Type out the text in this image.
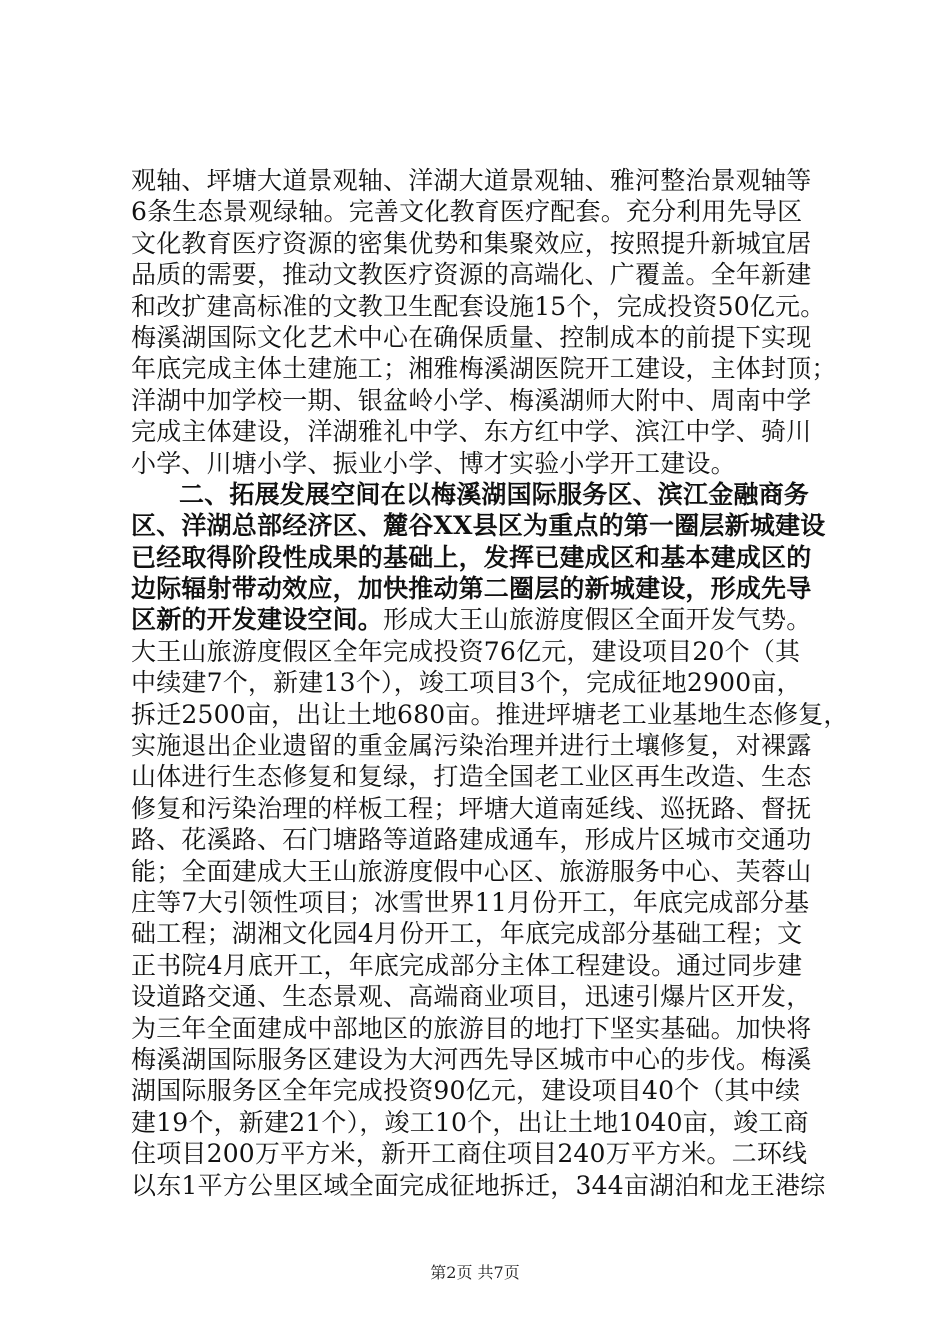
观轴、坪塘大道景观轴、洋湖大道景观轴、雅河整治景观轴等
6条生态景观绿轴。完善文化教育医疗配套。充分利用先导区
文化教育医疗资源的密集优势和集聚效应，按照提升新城宜居
品质的需要，推动文教医疗资源的高端化、广覆盖。全年新建
和改扩建高标准的文教卫生配套设施15个，完成投资50亿元。
梅溪湖国际文化艺术中心在确保质量、控制成本的前提下实现
年底完成主体土建施工；湘雅梅溪湖医院开工建设，主体封顶；
洋湖中加学校一期、银盆岭小学、梅溪湖师大附中、周南中学
完成主体建设，洋湖雅礼中学、东方红中学、滨江中学、骑川
小学、川塘小学、振业小学、博才实验小学开工建设。
二、拓展发展空间在以梅溪湖国际服务区、滨江金融商务
区、洋湖总部经济区、麓谷XX县区为重点的第一圈层新城建设
已经取得阶段性成果的基础上，发挥已建成区和基本建成区的
边际辐射带动效应，加快推动第二圈层的新城建设，形成先导
区新的开发建设空间。形成大王山旅游度假区全面开发气势。
大王山旅游度假区全年完成投资76亿元，建设项目20个（其
中续建7个，新建13个），竣工项目3个，完成征地2900亩，
拆迁2500亩，出让土地680亩。推进坪塘老工业基地生态修复，
实施退出企业遗留的重金属污染治理并进行土壤修复，对裸露
山体进行生态修复和复绿，打造全国老工业区再生改造、生态
修复和污染治理的样板工程；坪塘大道南延线、巡抚路、督抚
路、花溪路、石门塘路等道路建成通车，形成片区城市交通功
能；全面建成大王山旅游度假中心区、旅游服务中心、芙蓉山
庄等7大引领性项目；冰雪世界11月份开工，年底完成部分基
础工程；湖湘文化园4月份开工，年底完成部分基础工程；文
正书院4月底开工，年底完成部分主体工程建设。通过同步建
设道路交通、生态景观、高端商业项目，迅速引爆片区开发，
为三年全面建成中部地区的旅游目的地打下坚实基础。加快将
梅溪湖国际服务区建设为大河西先导区城市中心的步伐。梅溪
湖国际服务区全年完成投资90亿元，建设项目40个（其中续
建19个，新建21个），竣工10个，出让土地1040亩，竣工商
住项目200万平方米，新开工商住项目240万平方米。二环线
以东1平方公里区域全面完成征地拆迁，344亩湖泊和龙王港综
第2页 共7页
